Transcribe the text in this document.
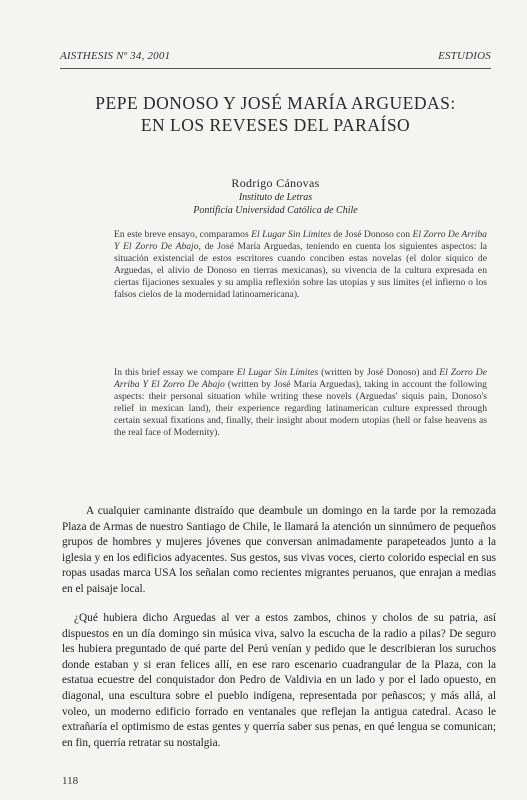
AISTHESIS Nº 34, 2001	ESTUDIOS
PEPE DONOSO Y JOSÉ MARÍA ARGUEDAS:
EN LOS REVESES DEL PARAÍSO
Rodrigo Cánovas
Instituto de Letras
Pontificia Universidad Católica de Chile

En este breve ensayo, comparamos El Lugar Sin Límites de José Donoso con El Zorro De Arriba Y El Zorro De Abajo, de José María Arguedas, teniendo en cuenta los siguientes aspectos: la situación existencial de estos escritores cuando conciben estas novelas (el dolor síquico de Arguedas, el alivio de Donoso en tierras mexicanas), su vivencia de la cultura expresada en ciertas fijaciones sexuales y su amplia reflexión sobre las utopías y sus límites (el infierno o los falsos cielos de la modernidad latinoamericana).

In this brief essay we compare El Lugar Sin Límites (written by José Donoso) and El Zorro De Arriba Y El Zorro De Abajo (written by José María Arguedas), taking in account the following aspects: their personal situation while writing these novels (Arguedas' siquis pain, Donoso's relief in mexican land), their experience regarding latinamerican culture expressed through certain sexual fixations and, finally, their insight about modern utopias (hell or false heavens as the real face of Modernity).

A cualquier caminante distraído que deambule un domingo en la tarde por la remozada Plaza de Armas de nuestro Santiago de Chile, le llamará la atención un sinnúmero de pequeños grupos de hombres y mujeres jóvenes que conversan animadamente parapeteados junto a la iglesia y en los edificios adyacentes. Sus gestos, sus vivas voces, cierto colorido especial en sus ropas usadas marca USA los señalan como recientes migrantes peruanos, que enrajan a medias en el paisaje local.

¿Qué hubiera dicho Arguedas al ver a estos zambos, chinos y cholos de su patria, así dispuestos en un día domingo sin música viva, salvo la escucha de la radio a pilas? De seguro les hubiera preguntado de qué parte del Perú venían y pedido que le describieran los suruchos donde estaban y si eran felices allí, en ese raro escenario cuadrangular de la Plaza, con la estatua ecuestre del conquistador don Pedro de Valdivia en un lado y por el lado opuesto, en diagonal, una escultura sobre el pueblo indígena, representada por peñascos; y más allá, al voleo, un moderno edificio forrado en ventanales que reflejan la antigua catedral. Acaso le extrañaría el optimismo de estas gentes y querría saber sus penas, en qué lengua se comunican; en fin, querría retratar su nostalgia.

118
